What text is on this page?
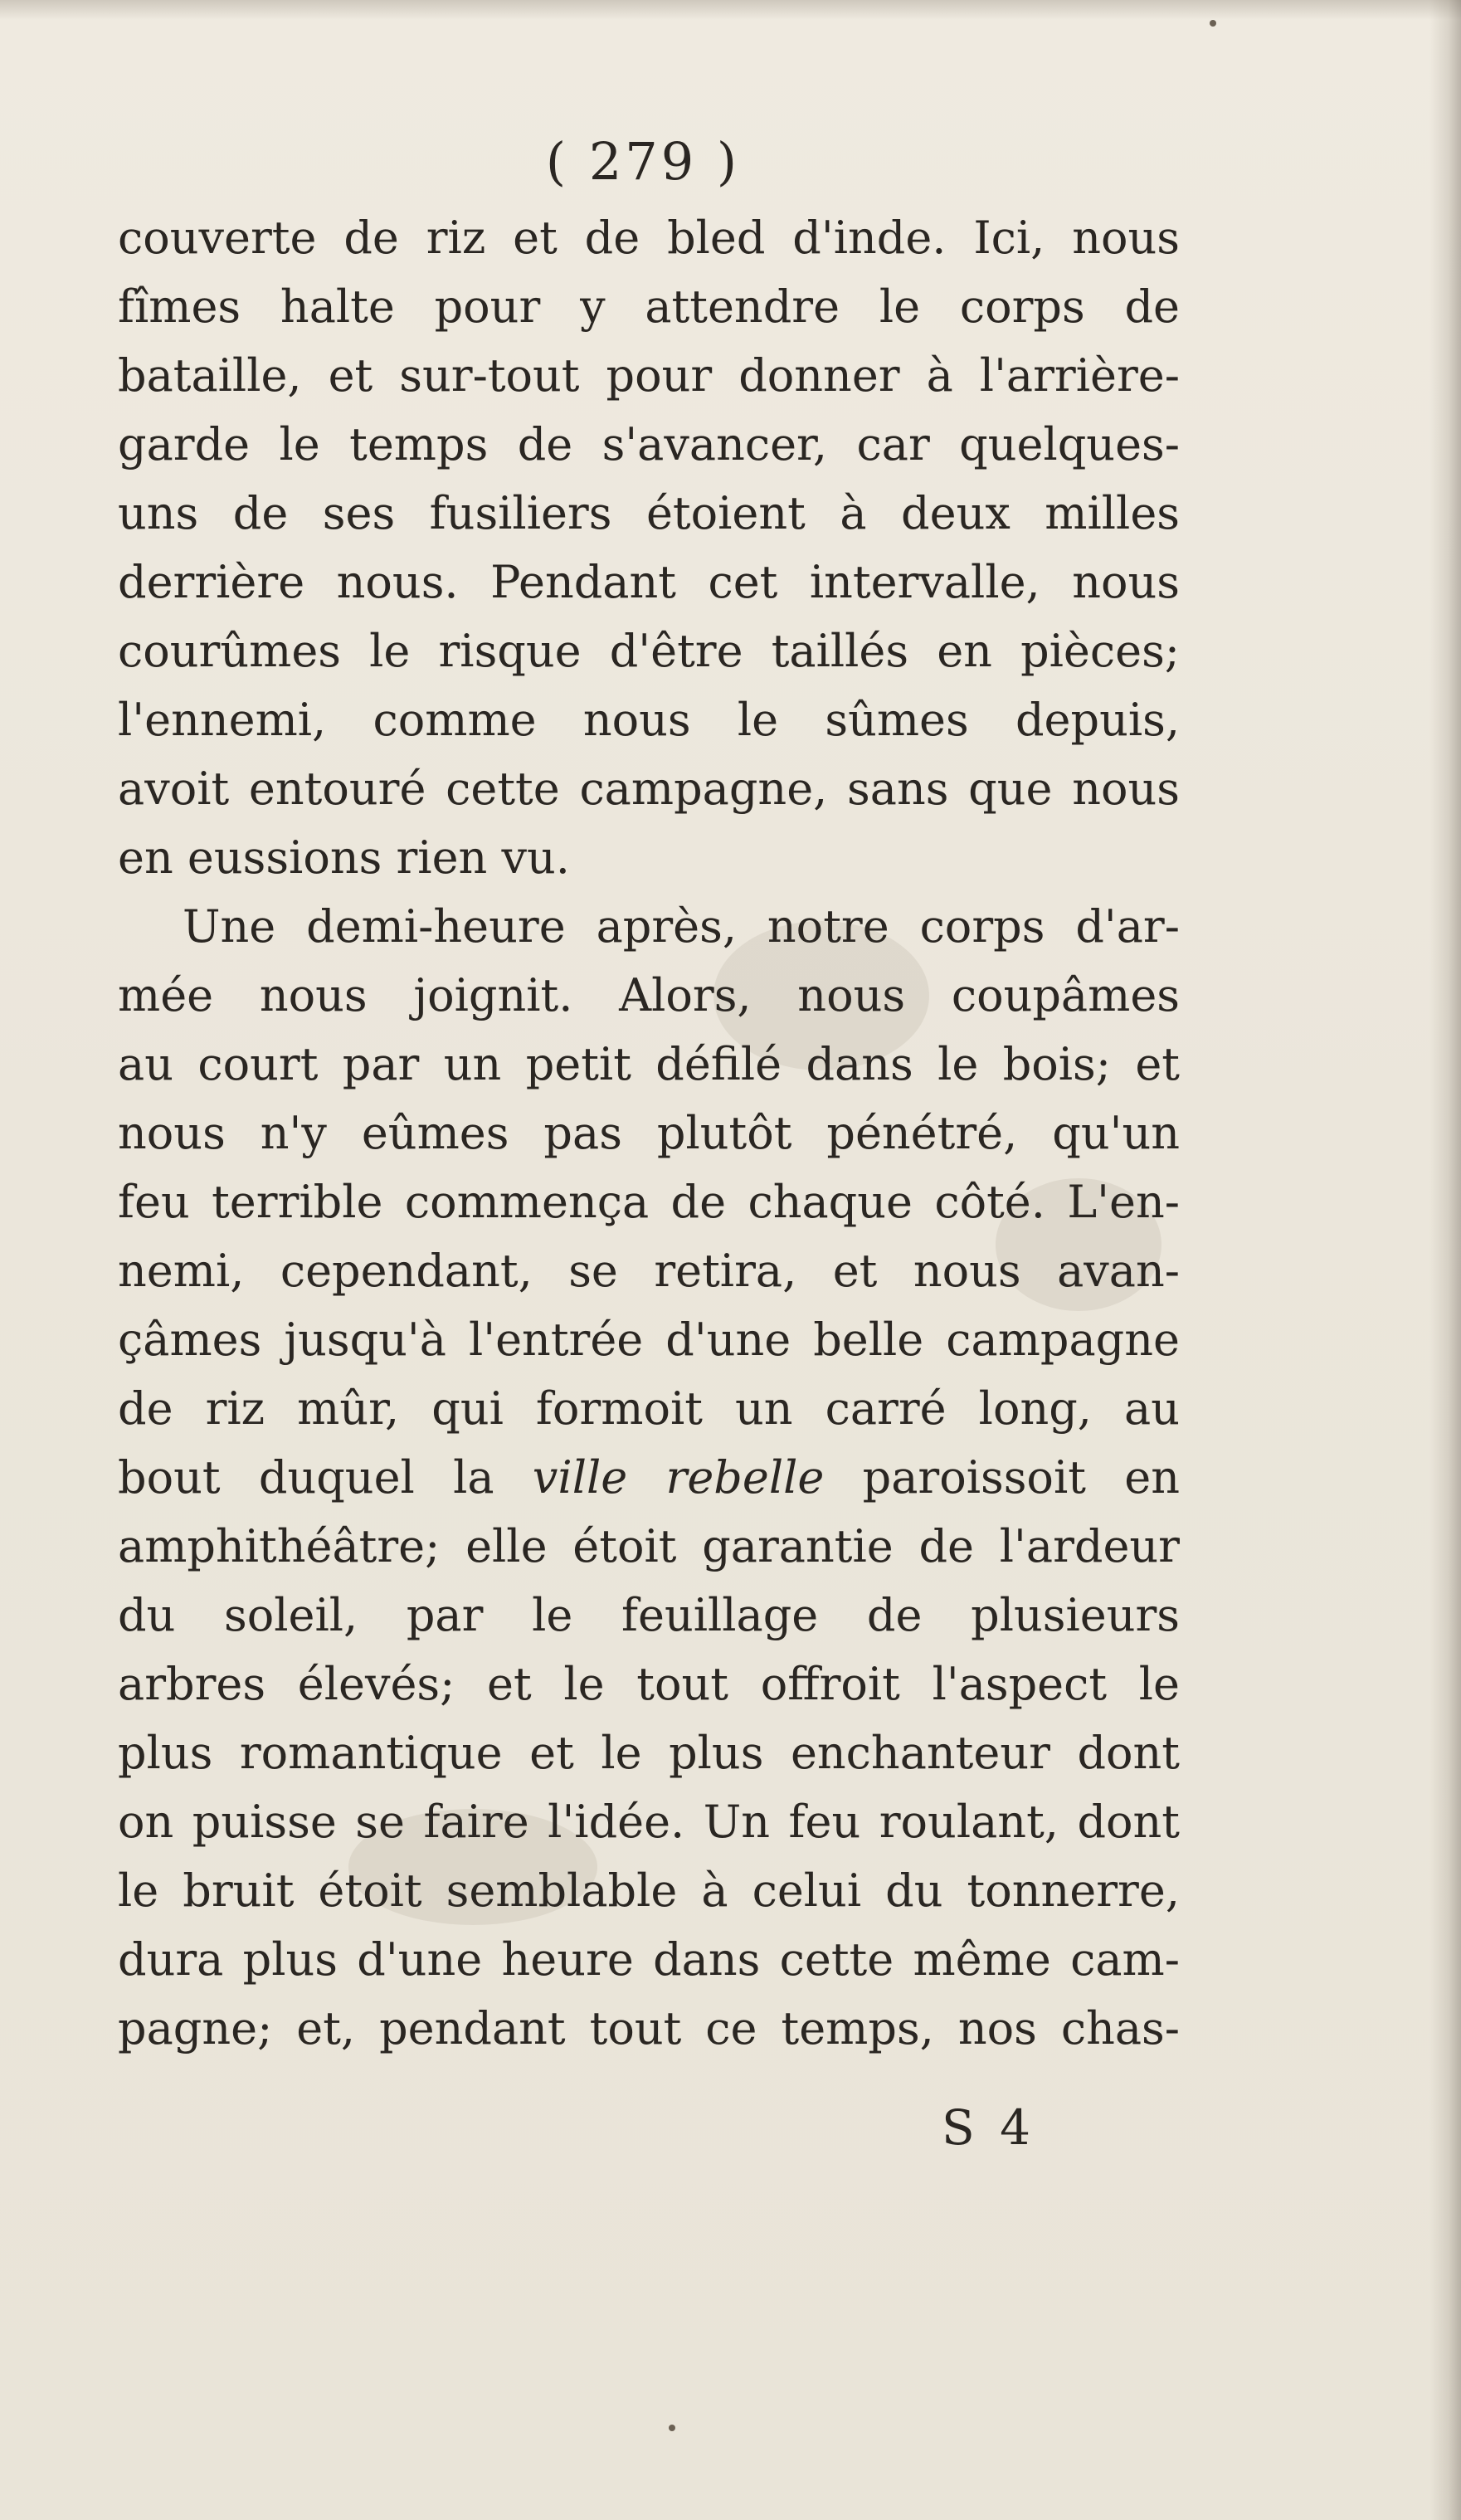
( 279 )
couverte de riz et de bled d'inde. Ici, nous
fîmes halte pour y attendre le corps de
bataille, et sur-tout pour donner à l'arrière-
garde le temps de s'avancer, car quelques-
uns de ses fusiliers étoient à deux milles
derrière nous. Pendant cet intervalle, nous
courûmes le risque d'être taillés en pièces;
l'ennemi, comme nous le sûmes depuis,
avoit entouré cette campagne, sans que nous
en eussions rien vu.
Une demi-heure après, notre corps d'ar-
mée nous joignit. Alors, nous coupâmes
au court par un petit défilé dans le bois; et
nous n'y eûmes pas plutôt pénétré, qu'un
feu terrible commença de chaque côté. L'en-
nemi, cependant, se retira, et nous avan-
çâmes jusqu'à l'entrée d'une belle campagne
de riz mûr, qui formoit un carré long, au
bout duquel la ville rebelle paroissoit en
amphithéâtre; elle étoit garantie de l'ardeur
du soleil, par le feuillage de plusieurs
arbres élevés; et le tout offroit l'aspect le
plus romantique et le plus enchanteur dont
on puisse se faire l'idée. Un feu roulant, dont
le bruit étoit semblable à celui du tonnerre,
dura plus d'une heure dans cette même cam-
pagne; et, pendant tout ce temps, nos chas-
S 4
